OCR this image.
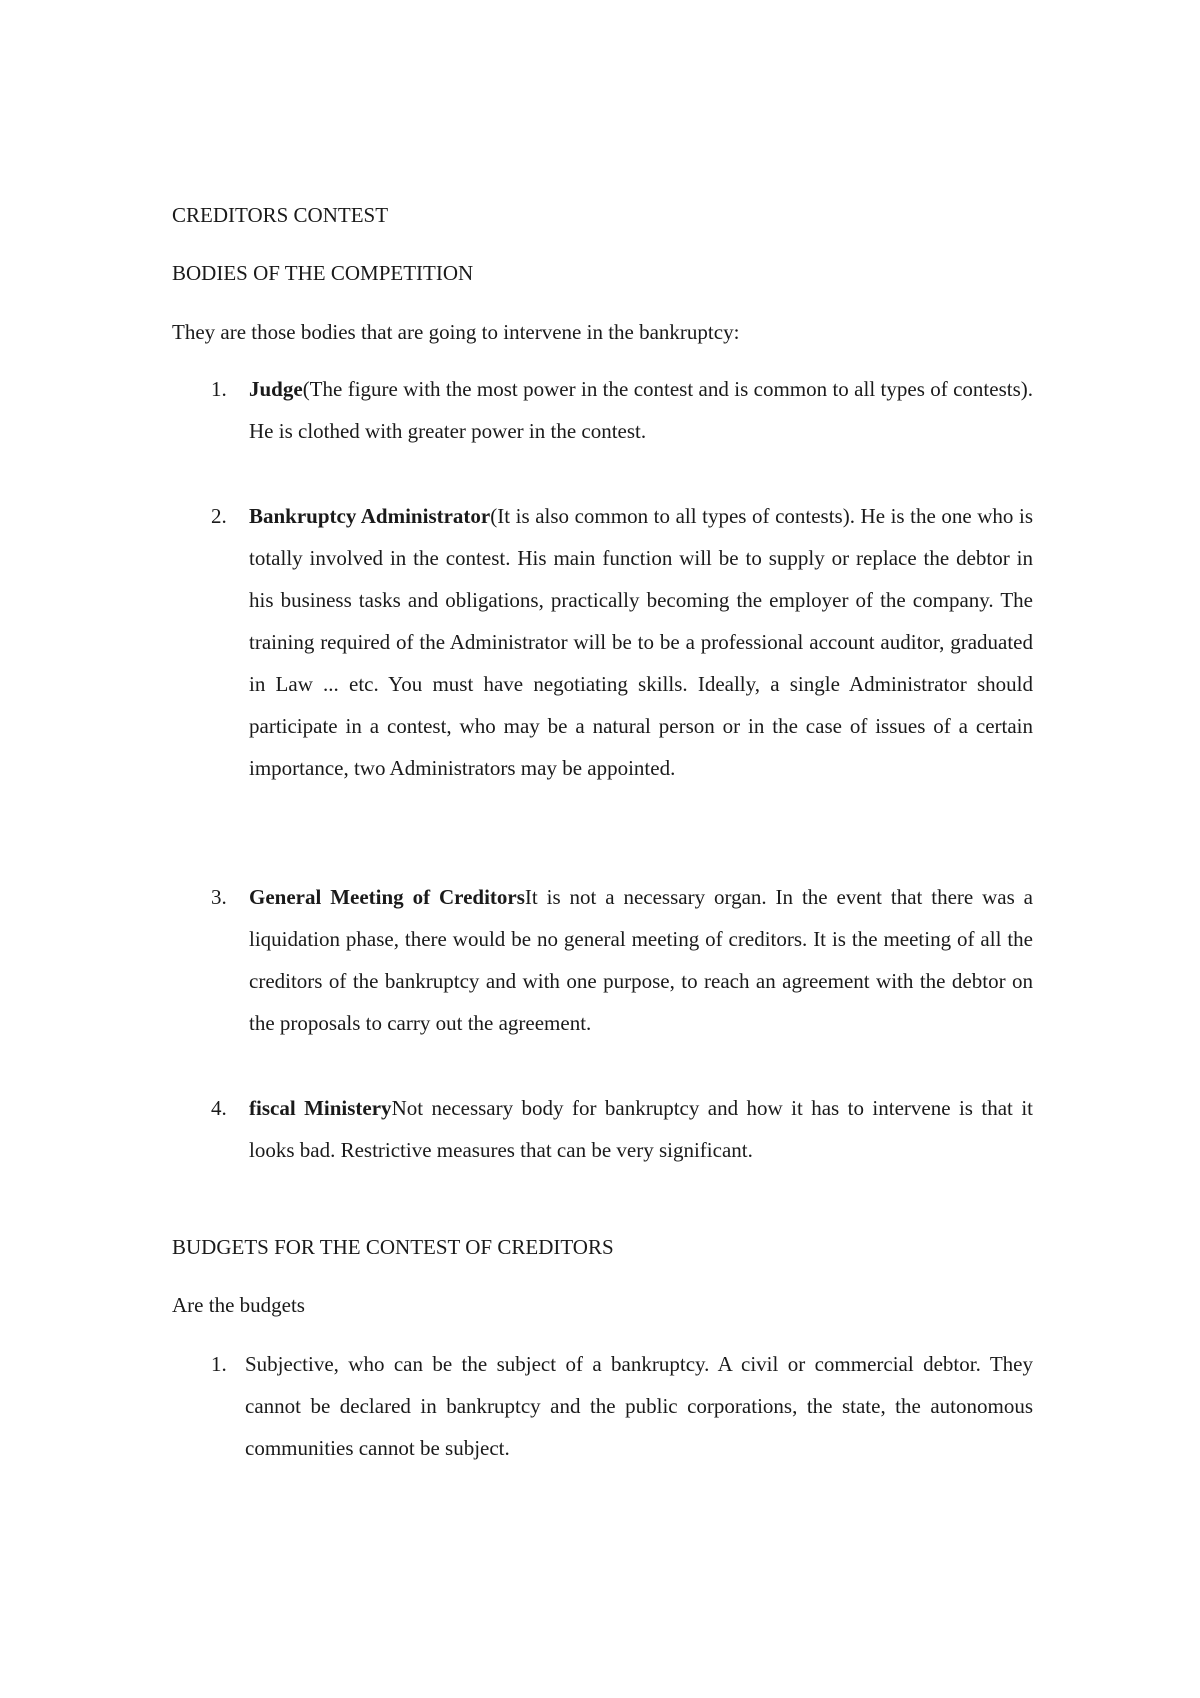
CREDITORS CONTEST
BODIES OF THE COMPETITION
They are those bodies that are going to intervene in the bankruptcy:
1. Judge(The figure with the most power in the contest and is common to all types of contests). He is clothed with greater power in the contest.
2. Bankruptcy Administrator(It is also common to all types of contests). He is the one who is totally involved in the contest. His main function will be to supply or replace the debtor in his business tasks and obligations, practically becoming the employer of the company. The training required of the Administrator will be to be a professional account auditor, graduated in Law ... etc. You must have negotiating skills. Ideally, a single Administrator should participate in a contest, who may be a natural person or in the case of issues of a certain importance, two Administrators may be appointed.
3. General Meeting of CreditorsIt is not a necessary organ. In the event that there was a liquidation phase, there would be no general meeting of creditors. It is the meeting of all the creditors of the bankruptcy and with one purpose, to reach an agreement with the debtor on the proposals to carry out the agreement.
4. fiscal MinisteryNot necessary body for bankruptcy and how it has to intervene is that it looks bad. Restrictive measures that can be very significant.
BUDGETS FOR THE CONTEST OF CREDITORS
Are the budgets
1. Subjective, who can be the subject of a bankruptcy. A civil or commercial debtor. They cannot be declared in bankruptcy and the public corporations, the state, the autonomous communities cannot be subject.
